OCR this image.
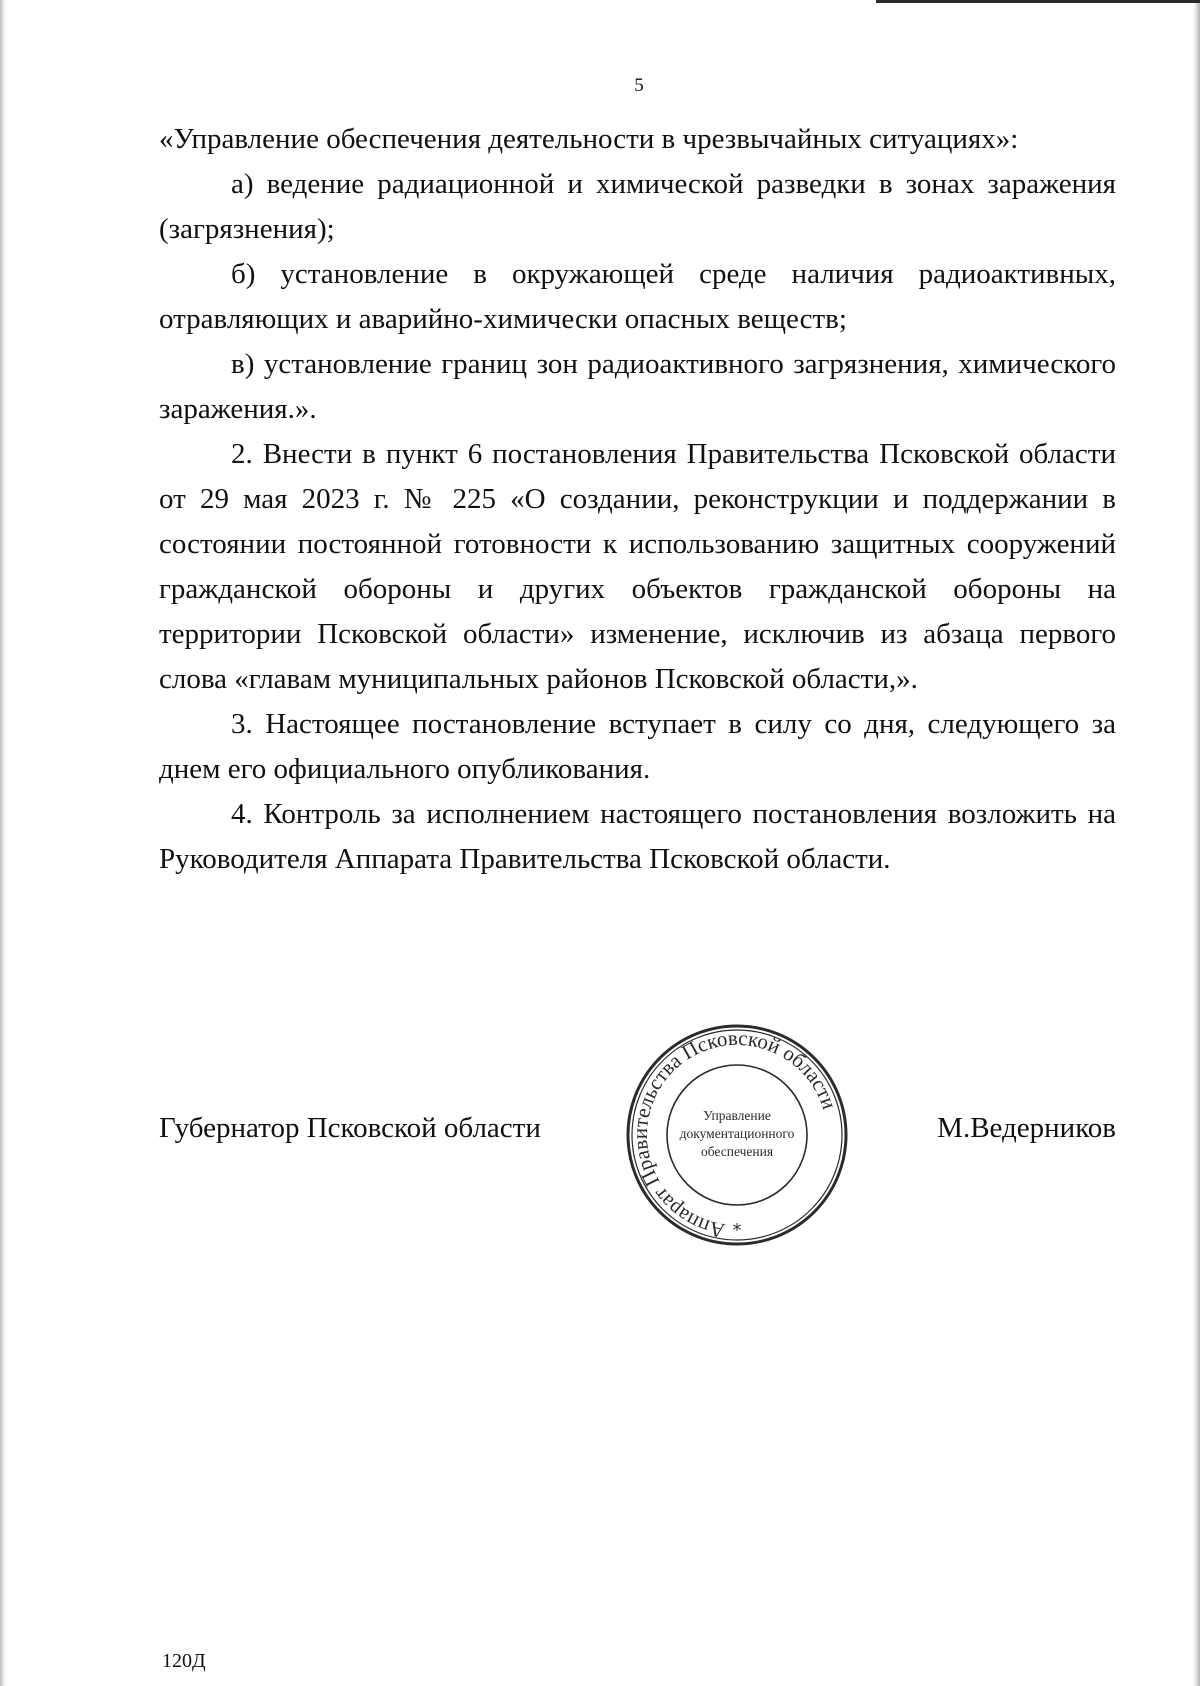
5

«Управление обеспечения деятельности в чрезвычайных ситуациях»:

а) ведение радиационной и химической разведки в зонах заражения (загрязнения);

б) установление в окружающей среде наличия радиоактивных, отравляющих и аварийно-химически опасных веществ;

в) установление границ зон радиоактивного загрязнения, химического заражения.».

2. Внести в пункт 6 постановления Правительства Псковской области от 29 мая 2023 г. № 225 «О создании, реконструкции и поддержании в состоянии постоянной готовности к использованию защитных сооружений гражданской обороны и других объектов гражданской обороны на территории Псковской области» изменение, исключив из абзаца первого слова «главам муниципальных районов Псковской области,».

3. Настоящее постановление вступает в силу со дня, следующего за днем его официального опубликования.

4. Контроль за исполнением настоящего постановления возложить на Руководителя Аппарата Правительства Псковской области.

Губернатор Псковской области	М.Ведерников
Аппарат Правительства Псковской области
Управление
документационного
обеспечения
*
120Д
